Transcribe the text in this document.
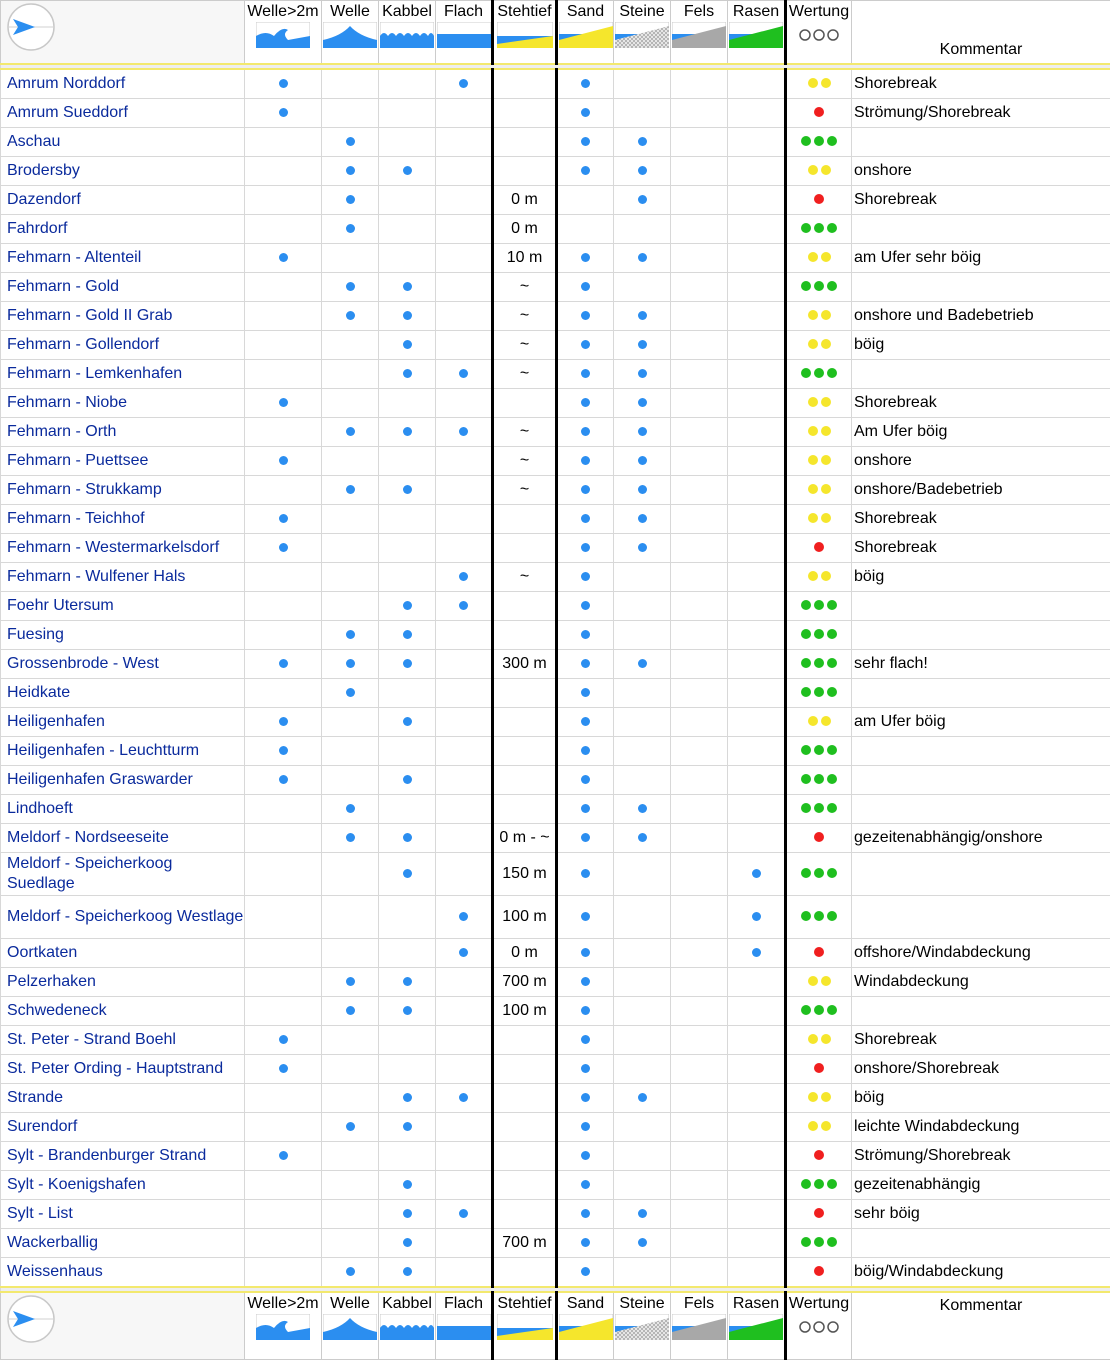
Welle>2m	Welle	Kabbel	Flach	Stehtief	Sand	Steine	Fels	Rasen	Wertung	Kommentar

Amrum Norddorf											Shorebreak
Amrum Sueddorf											Strömung/Shorebreak
Aschau										

Brodersby											onshore
Dazendorf					0 m						Shorebreak
Fahrdorf					0 m					

Fehmarn - Altenteil					10 m						am Ufer sehr böig
Fehmarn - Gold					~					

Fehmarn - Gold II Grab					~						onshore und Badebetrieb
Fehmarn - Gollendorf					~						böig
Fehmarn - Lemkenhafen					~					

Fehmarn - Niobe											Shorebreak
Fehmarn - Orth					~						Am Ufer böig
Fehmarn - Puettsee					~						onshore
Fehmarn - Strukkamp					~						onshore/Badebetrieb
Fehmarn - Teichhof											Shorebreak
Fehmarn - Westermarkelsdorf											Shorebreak
Fehmarn - Wulfener Hals					~						böig
Foehr Utersum										

Fuesing										

Grossenbrode - West					300 m						sehr flach!
Heidkate										

Heiligenhafen											am Ufer böig
Heiligenhafen - Leuchtturm										

Heiligenhafen Graswarder										

Lindhoeft										

Meldorf - Nordseeseite					0 m - ~						gezeitenabhängig/onshore
Meldorf - Speicherkoog Suedlage					150 m					

Meldorf - Speicherkoog Westlage					100 m					

Oortkaten					0 m						offshore/Windabdeckung
Pelzerhaken					700 m						Windabdeckung
Schwedeneck					100 m					

St. Peter - Strand Boehl											Shorebreak
St. Peter Ording - Hauptstrand											onshore/Shorebreak
Strande											böig
Surendorf											leichte Windabdeckung
Sylt - Brandenburger Strand											Strömung/Shorebreak
Sylt - Koenigshafen											gezeitenabhängig
Sylt - List											sehr böig
Wackerballig					700 m					

Weissenhaus											böig/Windabdeckung

Welle>2m	Welle	Kabbel	Flach	Stehtief	Sand	Steine	Fels	Rasen	Wertung	Kommentar
